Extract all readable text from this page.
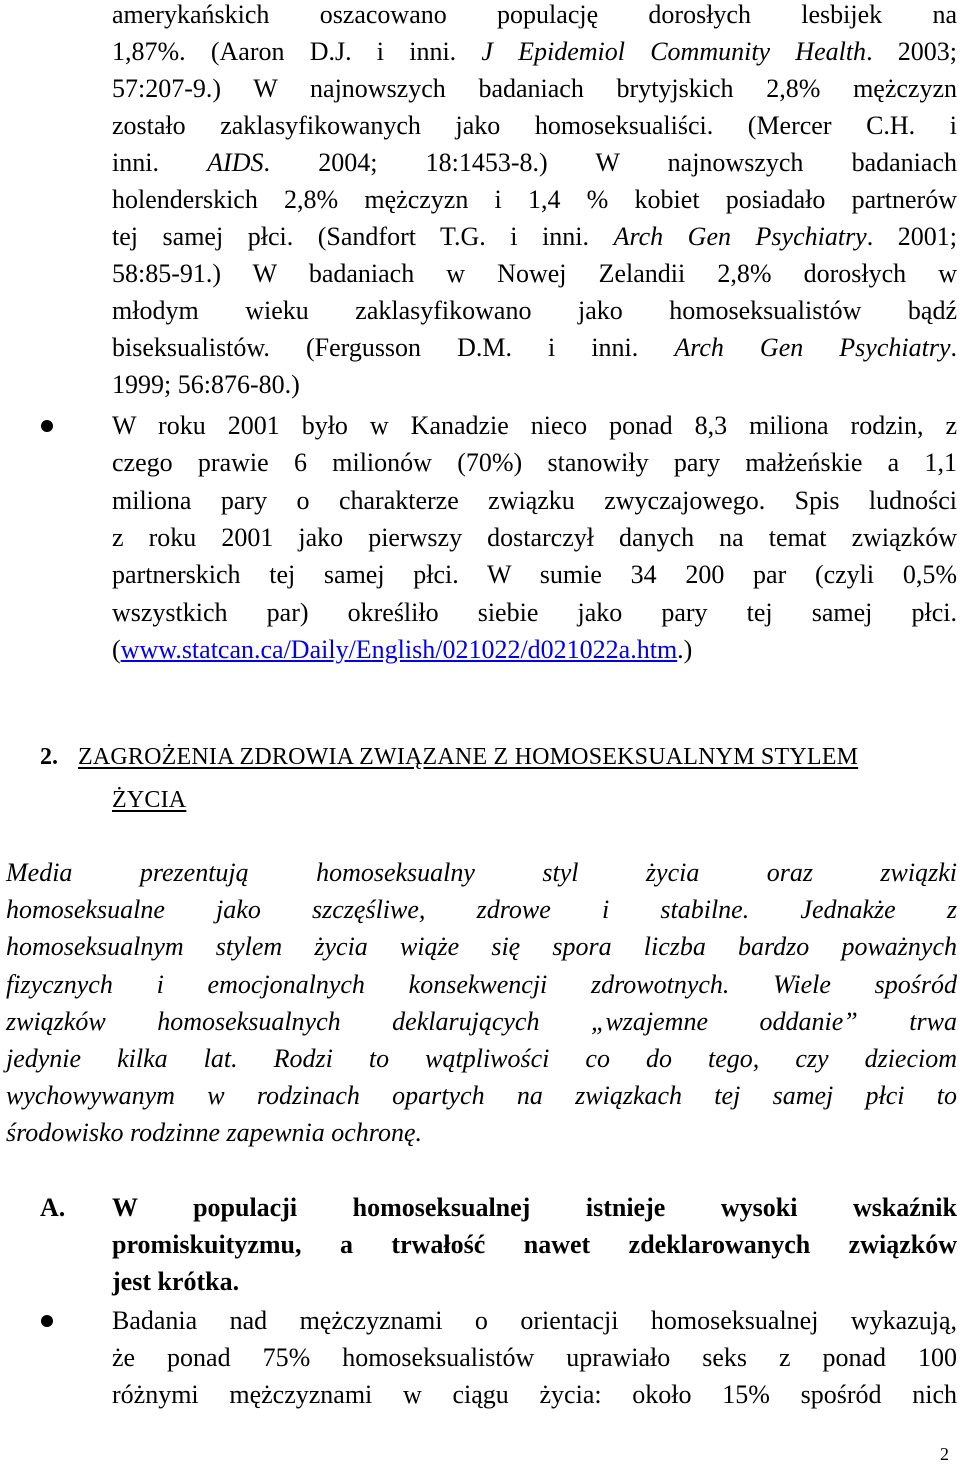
amerykańskich oszacowano populację dorosłych lesbijek na
1,87%. (Aaron D.J. i inni. J Epidemiol Community Health. 2003;
57:207-9.) W najnowszych badaniach brytyjskich 2,8% mężczyzn
zostało zaklasyfikowanych jako homoseksualiści. (Mercer C.H. i
inni. AIDS. 2004; 18:1453-8.) W najnowszych badaniach
holenderskich 2,8% mężczyzn i 1,4 % kobiet posiadało partnerów
tej samej płci. (Sandfort T.G. i inni. Arch Gen Psychiatry. 2001;
58:85-91.) W badaniach w Nowej Zelandii 2,8% dorosłych w
młodym wieku zaklasyfikowano jako homoseksualistów bądź
biseksualistów. (Fergusson D.M. i inni. Arch Gen Psychiatry.
1999; 56:876-80.)
W roku 2001 było w Kanadzie nieco ponad 8,3 miliona rodzin, z
czego prawie 6 milionów (70%) stanowiły pary małżeńskie a 1,1
miliona pary o charakterze związku zwyczajowego. Spis ludności
z roku 2001 jako pierwszy dostarczył danych na temat związków
partnerskich tej samej płci. W sumie 34 200 par (czyli 0,5%
wszystkich par) określiło siebie jako pary tej samej płci.
(www.statcan.ca/Daily/English/021022/d021022a.htm.)
2. ZAGROŻENIA ZDROWIA ZWIĄZANE Z HOMOSEKSUALNYM STYLEM
ŻYCIA
Media prezentują homoseksualny styl życia oraz związki
homoseksualne jako szczęśliwe, zdrowe i stabilne. Jednakże z
homoseksualnym stylem życia wiąże się spora liczba bardzo poważnych
fizycznych i emocjonalnych konsekwencji zdrowotnych. Wiele spośród
związków homoseksualnych deklarujących „wzajemne oddanie” trwa
jedynie kilka lat. Rodzi to wątpliwości co do tego, czy dzieciom
wychowywanym w rodzinach opartych na związkach tej samej płci to
środowisko rodzinne zapewnia ochronę.
A. W populacji homoseksualnej istnieje wysoki wskaźnik
promiskuityzmu, a trwałość nawet zdeklarowanych związków
jest krótka.
Badania nad mężczyznami o orientacji homoseksualnej wykazują,
że ponad 75% homoseksualistów uprawiało seks z ponad 100
różnymi mężczyznami w ciągu życia: około 15% spośród nich
2
